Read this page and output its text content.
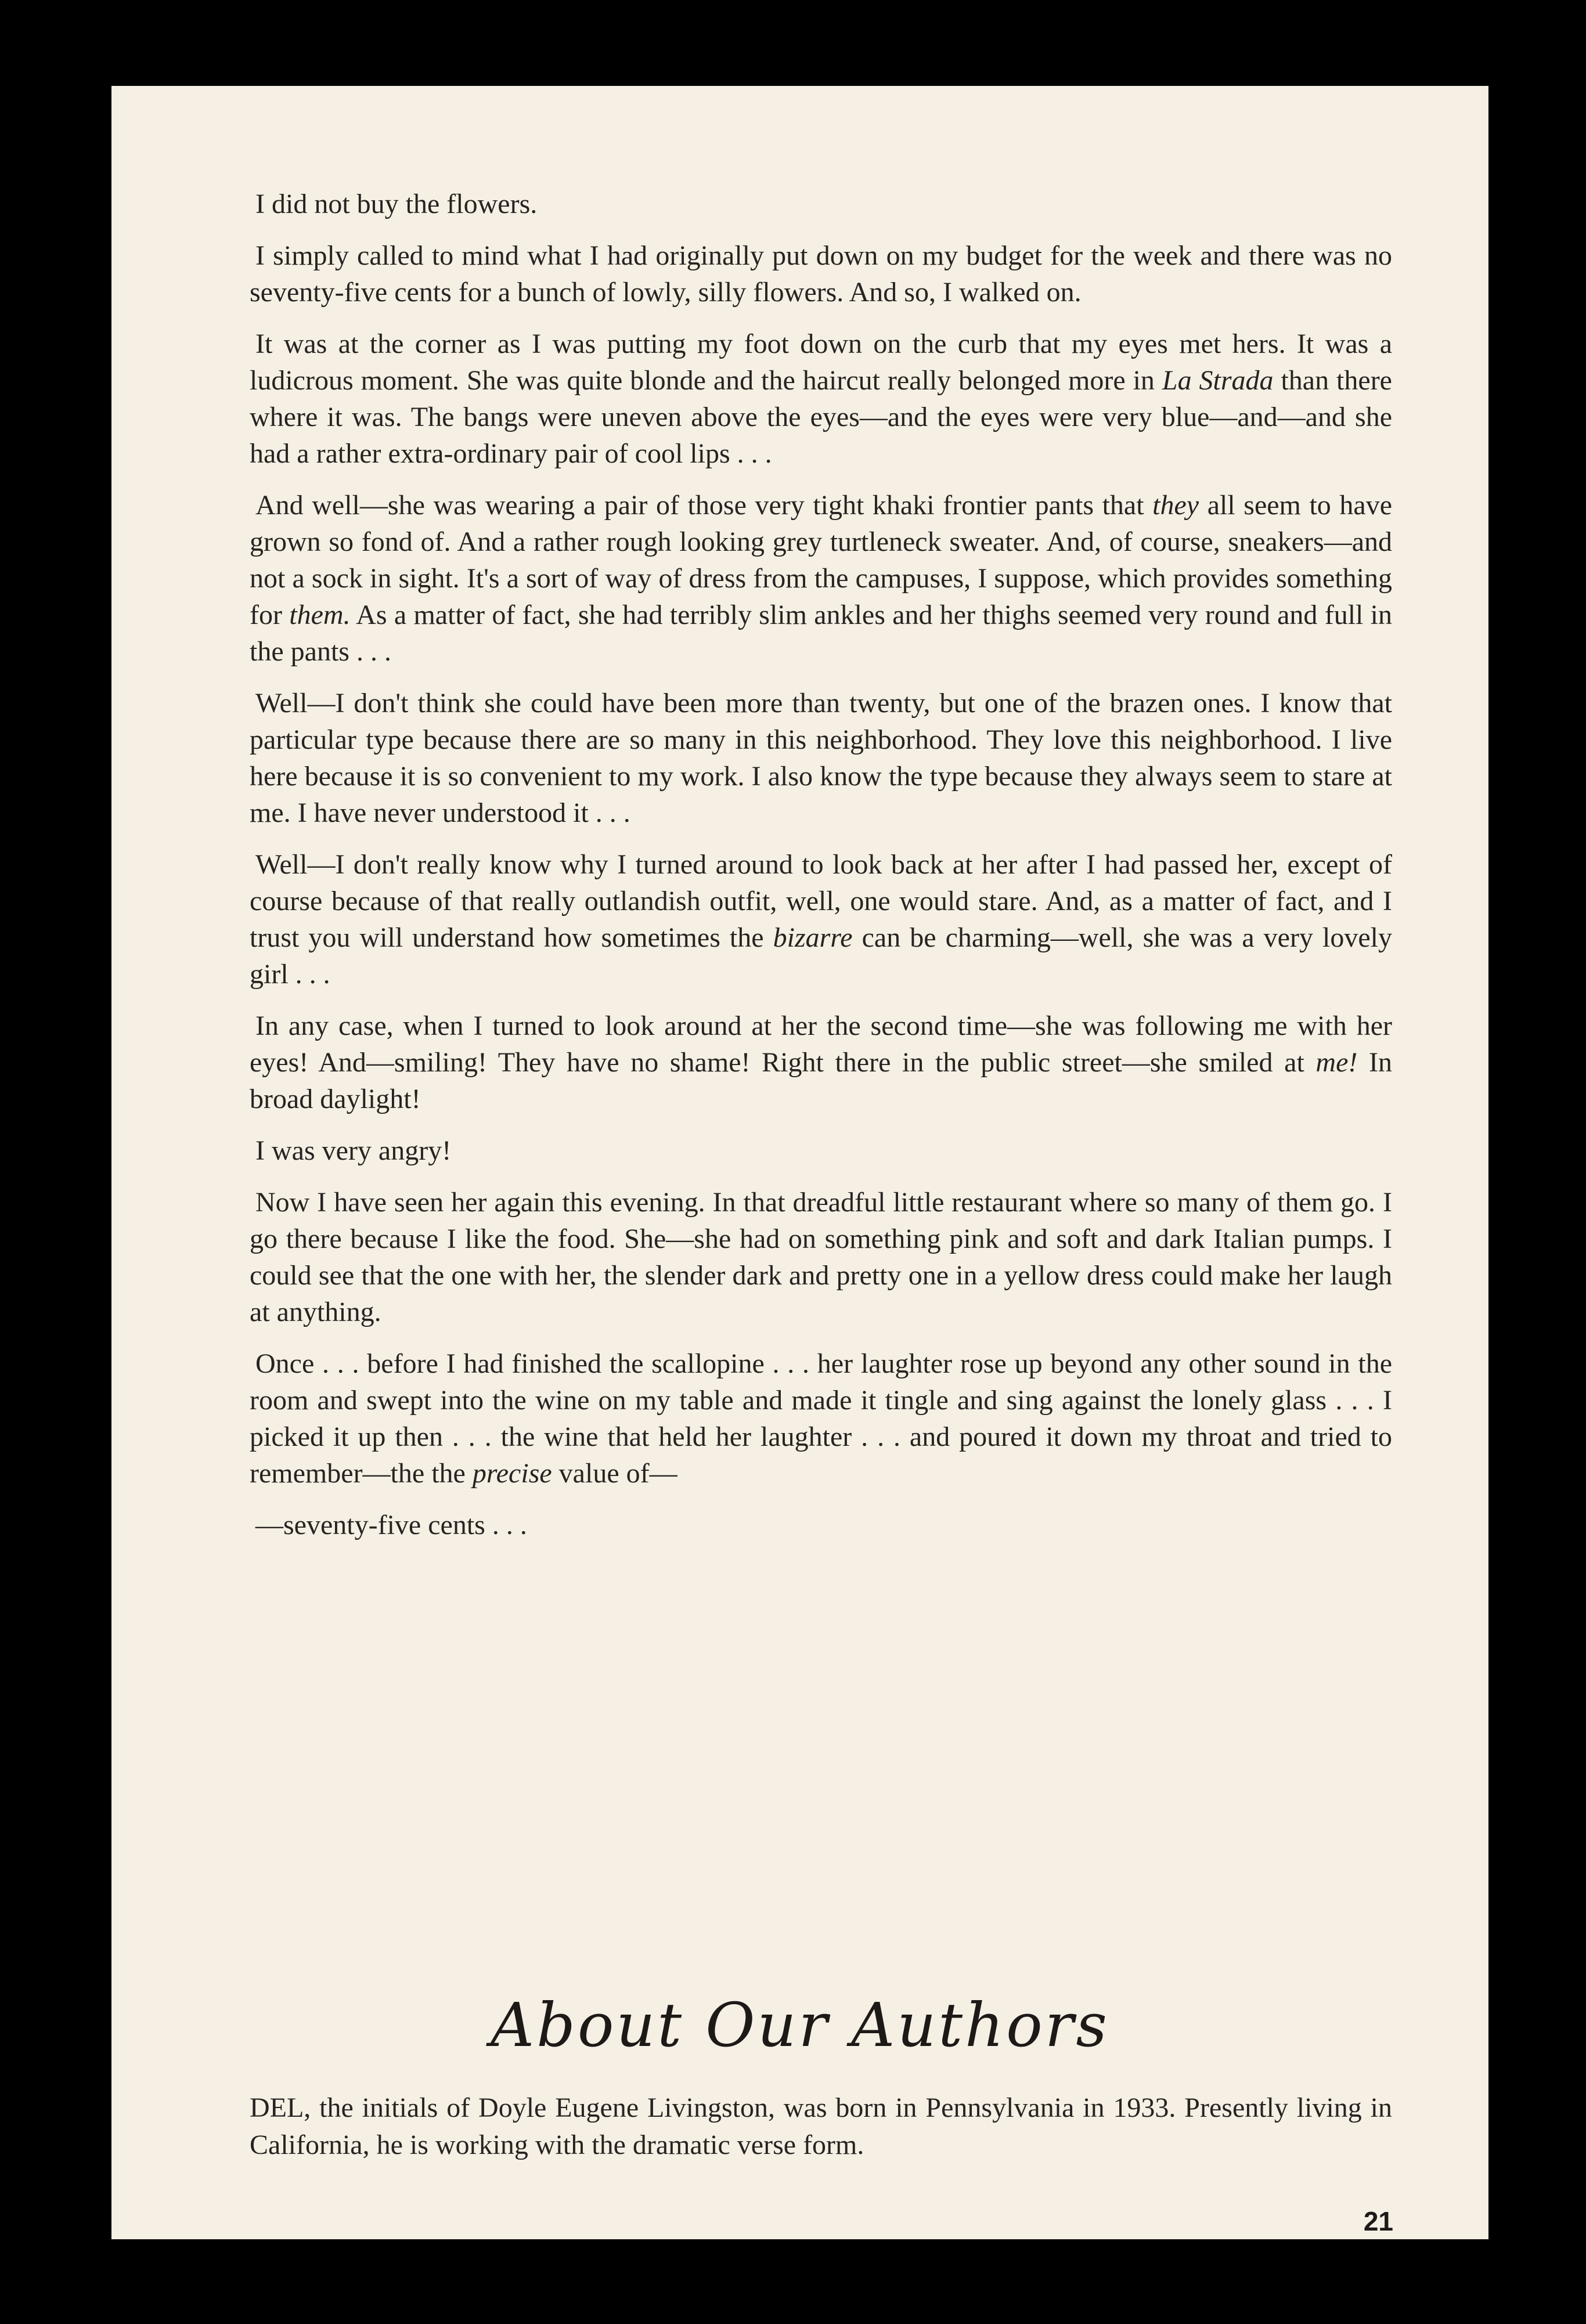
I did not buy the flowers.

I simply called to mind what I had originally put down on my budget for the week and there was no seventy-five cents for a bunch of lowly, silly flowers. And so, I walked on.

It was at the corner as I was putting my foot down on the curb that my eyes met hers. It was a ludicrous moment. She was quite blonde and the haircut really belonged more in La Strada than there where it was. The bangs were uneven above the eyes—and the eyes were very blue—and—and she had a rather extra-ordinary pair of cool lips . . .

And well—she was wearing a pair of those very tight khaki frontier pants that they all seem to have grown so fond of. And a rather rough looking grey turtleneck sweater. And, of course, sneakers—and not a sock in sight. It's a sort of way of dress from the campuses, I suppose, which provides something for them. As a matter of fact, she had terribly slim ankles and her thighs seemed very round and full in the pants . . .

Well—I don't think she could have been more than twenty, but one of the brazen ones. I know that particular type because there are so many in this neighborhood. They love this neighborhood. I live here because it is so convenient to my work. I also know the type because they always seem to stare at me. I have never understood it . . .

Well—I don't really know why I turned around to look back at her after I had passed her, except of course because of that really outlandish outfit, well, one would stare. And, as a matter of fact, and I trust you will understand how sometimes the bizarre can be charming—well, she was a very lovely girl . . .

In any case, when I turned to look around at her the second time—she was following me with her eyes! And—smiling! They have no shame! Right there in the public street—she smiled at me! In broad daylight!

I was very angry!

Now I have seen her again this evening. In that dreadful little restaurant where so many of them go. I go there because I like the food. She—she had on something pink and soft and dark Italian pumps. I could see that the one with her, the slender dark and pretty one in a yellow dress could make her laugh at anything.

Once . . . before I had finished the scallopine . . . her laughter rose up beyond any other sound in the room and swept into the wine on my table and made it tingle and sing against the lonely glass . . . I picked it up then . . . the wine that held her laughter . . . and poured it down my throat and tried to remember—the the precise value of—

—seventy-five cents . . .

About Our Authors

DEL, the initials of Doyle Eugene Livingston, was born in Pennsylvania in 1933. Presently living in California, he is working with the dramatic verse form.

21
